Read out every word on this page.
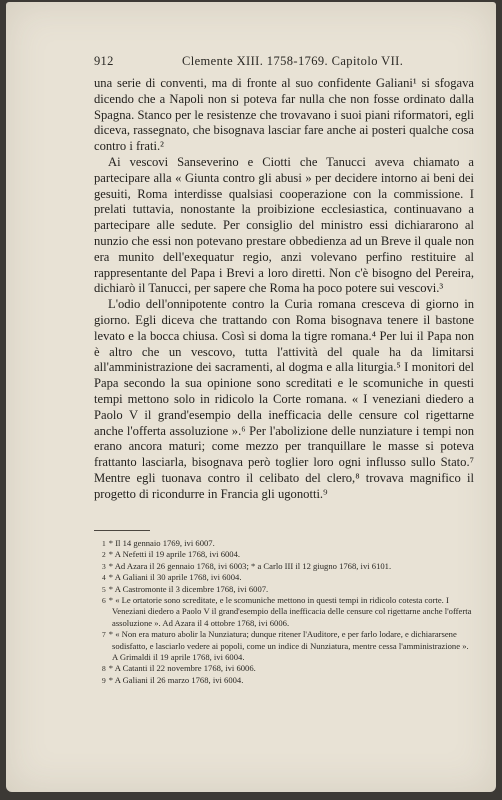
912	Clemente XIII. 1758-1769. Capitolo VII.

una serie di conventi, ma di fronte al suo confidente Galiani¹ si sfogava dicendo che a Napoli non si poteva far nulla che non fosse ordinato dalla Spagna. Stanco per le resistenze che trovavano i suoi piani riformatori, egli diceva, rassegnato, che bisognava lasciar fare anche ai posteri qualche cosa contro i frati.²

Ai vescovi Sanseverino e Ciotti che Tanucci aveva chiamato a partecipare alla « Giunta contro gli abusi » per decidere intorno ai beni dei gesuiti, Roma interdisse qualsiasi cooperazione con la commissione. I prelati tuttavia, nonostante la proibizione ecclesiastica, continuavano a partecipare alle sedute. Per consiglio del ministro essi dichiararono al nunzio che essi non potevano prestare obbedienza ad un Breve il quale non era munito dell'exequatur regio, anzi volevano perfino restituire al rappresentante del Papa i Brevi a loro diretti. Non c'è bisogno del Pereira, dichiarò il Tanucci, per sapere che Roma ha poco potere sui vescovi.³

L'odio dell'onnipotente contro la Curia romana cresceva di giorno in giorno. Egli diceva che trattando con Roma bisognava tenere il bastone levato e la bocca chiusa. Così si doma la tigre romana.⁴ Per lui il Papa non è altro che un vescovo, tutta l'attività del quale ha da limitarsi all'amministrazione dei sacramenti, al dogma e alla liturgia.⁵ I monitori del Papa secondo la sua opinione sono screditati e le scomuniche in questi tempi mettono solo in ridicolo la Corte romana. « I veneziani diedero a Paolo V il grand'esempio della inefficacia delle censure col rigettarne anche l'offerta assoluzione ».⁶ Per l'abolizione delle nunziature i tempi non erano ancora maturi; come mezzo per tranquillare le masse si poteva frattanto lasciarla, bisognava però toglier loro ogni influsso sullo Stato.⁷ Mentre egli tuonava contro il celibato del clero,⁸ trovava magnifico il progetto di ricondurre in Francia gli ugonotti.⁹

1 * Il 14 gennaio 1769, ivi 6007.
2 * A Nefetti il 19 aprile 1768, ivi 6004.
3 * Ad Azara il 26 gennaio 1768, ivi 6003; * a Carlo III il 12 giugno 1768, ivi 6101.
4 * A Galiani il 30 aprile 1768, ivi 6004.
5 * A Castromonte il 3 dicembre 1768, ivi 6007.
6 * « Le ortatorie sono screditate, e le scomuniche mettono in questi tempi in ridicolo cotesta corte. I Veneziani diedero a Paolo V il grand'esempio della inefficacia delle censure col rigettarne anche l'offerta assoluzione ». Ad Azara il 4 ottobre 1768, ivi 6006.
7 * « Non era maturo abolir la Nunziatura; dunque ritener l'Auditore, e per farlo lodare, e dichiararsene sodisfatto, e lasciarlo vedere ai popoli, come un indice di Nunziatura, mentre cessa l'amministrazione ». A Grimaldi il 19 aprile 1768, ivi 6004.
8 * A Catanti il 22 novembre 1768, ivi 6006.
9 * A Galiani il 26 marzo 1768, ivi 6004.
